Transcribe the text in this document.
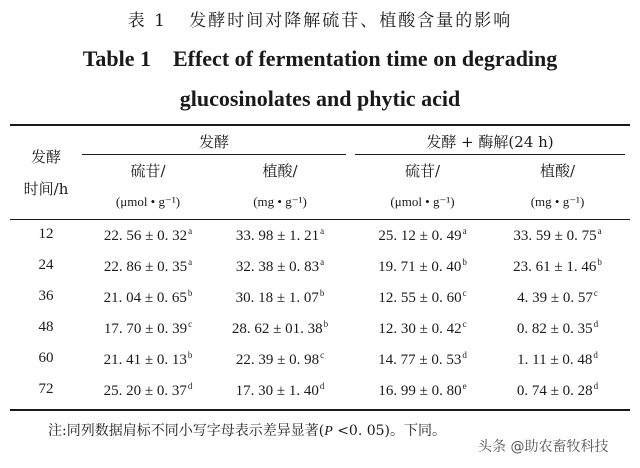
表 1   发酵时间对降解硫苷、植酸含量的影响
Table 1    Effect of fermentation time on degrading
glucosinolates and phytic acid
发酵
时间/h
发酵	发酵 + 酶解(24 h)
硫苷/	植酸/	硫苷/	植酸/
(μmol • g⁻¹)	(mg • g⁻¹)	(μmol • g⁻¹)	(mg • g⁻¹)
12	22. 56 ± 0. 32$^a$	33. 98 ± 1. 21$^a$	25. 12 ± 0. 49$^a$	33. 59 ± 0. 75$^a$
24	22. 86 ± 0. 35$^a$	32. 38 ± 0. 83$^a$	19. 71 ± 0. 40$^b$	23. 61 ± 1. 46$^b$
36	21. 04 ± 0. 65$^b$	30. 18 ± 1. 07$^b$	12. 55 ± 0. 60$^c$	4. 39 ± 0. 57$^c$
48	17. 70 ± 0. 39$^c$	28. 62 ± 01. 38$^b$	12. 30 ± 0. 42$^c$	0. 82 ± 0. 35$^d$
60	21. 41 ± 0. 13$^b$	22. 39 ± 0. 98$^c$	14. 77 ± 0. 53$^d$	1. 11 ± 0. 48$^d$
72	25. 20 ± 0. 37$^d$	17. 30 ± 1. 40$^d$	16. 99 ± 0. 80e	0. 74 ± 0. 28$^d$
注:同列数据肩标不同小写字母表示差异显著(P <0. 05)。下同。
头条 @助农畜牧科技
